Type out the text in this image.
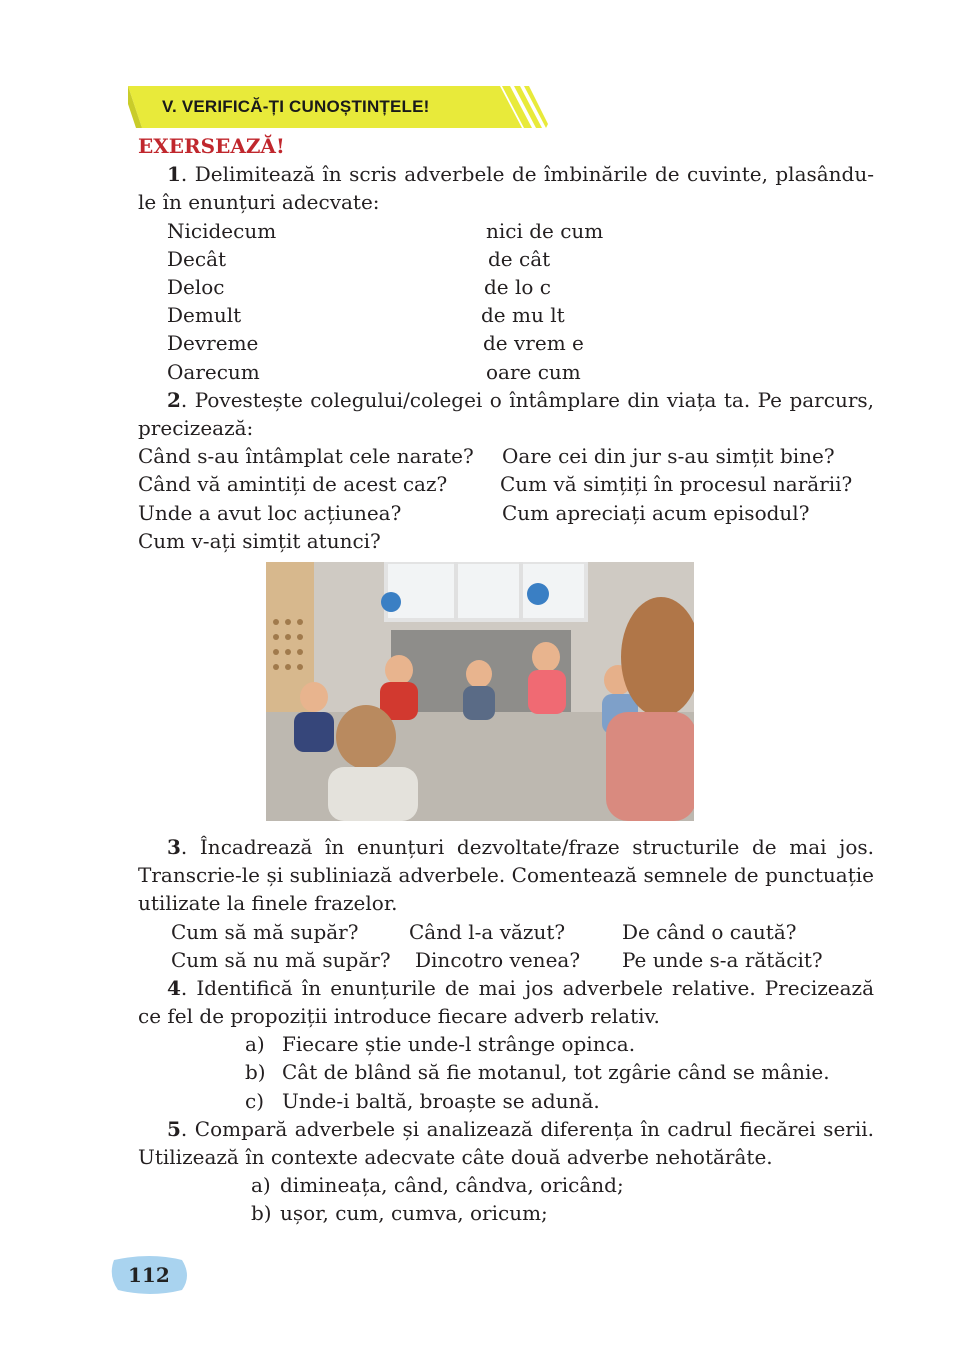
V. VERIFICĂ-ȚI CUNOȘTINȚELE!
EXERSEAZĂ!
1. Delimitează în scris adverbele de îmbinările de cuvinte, plasându-le în enunțuri adecvate:
Nicidecum	nici de cum
Decât	de cât
Deloc	de lo c
Demult	de mu lt
Devreme	de vrem e
Oarecum	oare cum
2. Povestește colegului/colegei o întâmplare din viața ta. Pe parcurs, precizează:
Când s-au întâmplat cele narate? Oare cei din jur s-au simțit bine?
Când vă amintiți de acest caz?	Cum vă simțiți în procesul narării?
Unde a avut loc acțiunea?	Cum apreciați acum episodul?
Cum v-ați simțit atunci?
3. Încadrează în enunțuri dezvoltate/fraze structurile de mai jos. Transcrie-le și subliniază adverbele. Comentează semnele de punctuație utilizate la finele frazelor.
Cum să mă supăr?	Când l-a văzut?	De când o caută?
Cum să nu mă supăr? Dincotro venea? Pe unde s-a rătăcit?
4. Identifică în enunțurile de mai jos adverbele relative. Precizează ce fel de propoziții introduce fiecare adverb relativ.
a) Fiecare știe unde-l strânge opinca.
b) Cât de blând să fie motanul, tot zgârie când se mânie.
c) Unde-i baltă, broaște se adună.
5. Compară adverbele și analizează diferența în cadrul fiecărei serii. Utilizează în contexte adecvate câte două adverbe nehotărâte.
a) dimineața, când, cândva, oricând;
b) ușor, cum, cumva, oricum;
112
